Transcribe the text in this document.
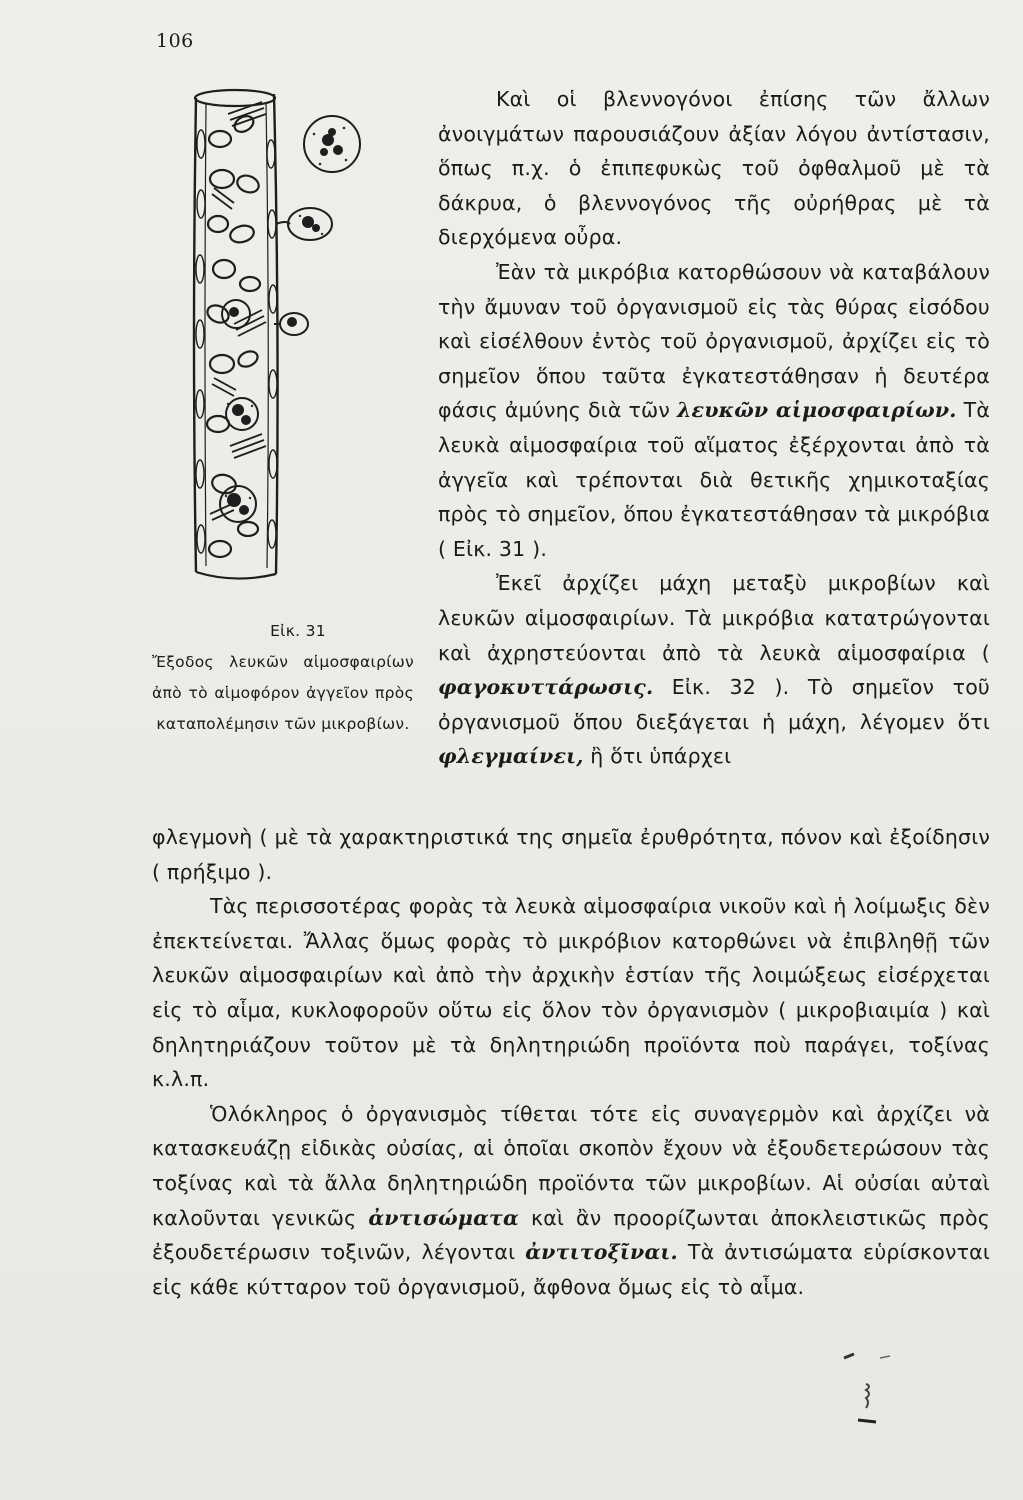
106
Εἰκ. 31
Ἔξοδος λευκῶν αἱμοσφαιρίων ἀπὸ τὸ αἱμοφόρον ἀγγεῖον πρὸς καταπολέμησιν τῶν μικροβίων.

Καὶ οἱ βλεννογόνοι ἐπίσης τῶν ἄλλων ἀνοιγμάτων παρουσιάζουν ἀξίαν λόγου ἀντίστασιν, ὅπως π.χ. ὁ ἐπιπεφυκὼς τοῦ ὀφθαλμοῦ μὲ τὰ δάκρυα, ὁ βλεννογόνος τῆς οὐρήθρας μὲ τὰ διερχόμενα οὖρα.

Ἐὰν τὰ μικρόβια κατορθώσουν νὰ καταβάλουν τὴν ἄμυναν τοῦ ὀργανισμοῦ εἰς τὰς θύρας εἰσόδου καὶ εἰσέλθουν ἐντὸς τοῦ ὀργανισμοῦ, ἀρχίζει εἰς τὸ σημεῖον ὅπου ταῦτα ἐγκατεστάθησαν ἡ δευτέρα φάσις ἀμύνης διὰ τῶν λευκῶν αἱμοσφαιρίων. Τὰ λευκὰ αἱμοσφαίρια τοῦ αἵματος ἐξέρχονται ἀπὸ τὰ ἀγγεῖα καὶ τρέπονται διὰ θετικῆς χημικοταξίας πρὸς τὸ σημεῖον, ὅπου ἐγκατεστάθησαν τὰ μικρόβια ( Εἰκ. 31 ).

Ἐκεῖ ἀρχίζει μάχη μεταξὺ μικροβίων καὶ λευκῶν αἱμοσφαιρίων. Τὰ μικρόβια κατατρώγονται καὶ ἀχρηστεύονται ἀπὸ τὰ λευκὰ αἱμοσφαίρια ( φαγοκυττάρωσις. Εἰκ. 32 ). Τὸ σημεῖον τοῦ ὀργανισμοῦ ὅπου διεξάγεται ἡ μάχη, λέγομεν ὅτι φλεγμαίνει, ἢ ὅτι ὑπάρχει

φλεγμονὴ ( μὲ τὰ χαρακτηριστικά της σημεῖα ἐρυθρότητα, πόνον καὶ ἐξοίδησιν ( πρήξιμο ).

Τὰς περισσοτέρας φορὰς τὰ λευκὰ αἱμοσφαίρια νικοῦν καὶ ἡ λοίμωξις δὲν ἐπεκτείνεται. Ἄλλας ὅμως φορὰς τὸ μικρόβιον κατορθώνει νὰ ἐπιβληθῇ τῶν λευκῶν αἱμοσφαιρίων καὶ ἀπὸ τὴν ἀρχικὴν ἑστίαν τῆς λοιμώξεως εἰσέρχεται εἰς τὸ αἷμα, κυκλοφοροῦν οὕτω εἰς ὅλον τὸν ὀργανισμὸν ( μικροβιαιμία ) καὶ δηλητηριάζουν τοῦτον μὲ τὰ δηλητηριώδη προϊόντα ποὺ παράγει, τοξίνας κ.λ.π.

Ὁλόκληρος ὁ ὀργανισμὸς τίθεται τότε εἰς συναγερμὸν καὶ ἀρχίζει νὰ κατασκευάζῃ εἰδικὰς οὐσίας, αἱ ὁποῖαι σκοπὸν ἔχουν νὰ ἐξουδετερώσουν τὰς τοξίνας καὶ τὰ ἄλλα δηλητηριώδη προϊόντα τῶν μικροβίων. Αἱ οὐσίαι αὐταὶ καλοῦνται γενικῶς ἀντισώματα καὶ ἂν προορίζωνται ἀποκλειστικῶς πρὸς ἐξουδετέρωσιν τοξινῶν, λέγονται ἀντιτοξῖναι. Τὰ ἀντισώματα εὑρίσκονται εἰς κάθε κύτταρον τοῦ ὀργανισμοῦ, ἄφθονα ὅμως εἰς τὸ αἷμα.
